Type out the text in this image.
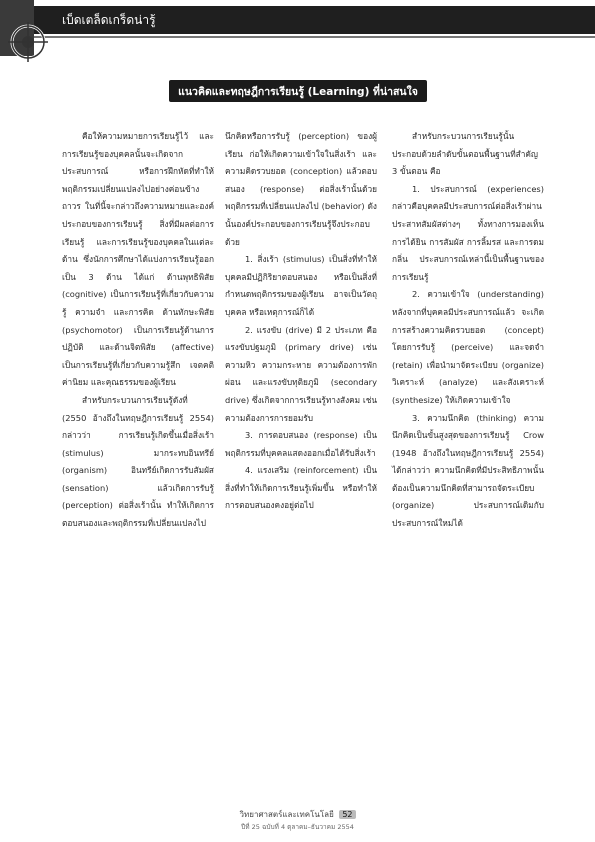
เบ็ดเตล็ดเกร็ดน่ารู้
แนวคิดและทฤษฎีการเรียนรู้ (Learning) ที่น่าสนใจ

คือให้ความหมายการเรียนรู้ไว้ และการเรียนรู้ของบุคคลนั้นจะเกิดจากประสบการณ์ หรือการฝึกหัดที่ทำให้พฤติกรรมเปลี่ยนแปลงไปอย่างค่อนข้างถาวร ในที่นี้จะกล่าวถึงความหมายและองค์ประกอบของการเรียนรู้ สิ่งที่มีผลต่อการเรียนรู้ และการเรียนรู้ของบุคคลในแต่ละด้าน ซึ่งนักการศึกษาได้แบ่งการเรียนรู้ออกเป็น 3 ด้าน ได้แก่ ด้านพุทธิพิสัย (cognitive) เป็นการเรียนรู้ที่เกี่ยวกับความรู้ ความจำ และการคิด ด้านทักษะพิสัย (psychomotor) เป็นการเรียนรู้ด้านการปฏิบัติ และด้านจิตพิสัย (affective) เป็นการเรียนรู้ที่เกี่ยวกับความรู้สึก เจตคติ ค่านิยม และคุณธรรมของผู้เรียน

สำหรับกระบวนการเรียนรู้ดังที่ (2550 อ้างถึงในทฤษฎีการเรียนรู้ 2554) กล่าวว่า การเรียนรู้เกิดขึ้นเมื่อสิ่งเร้า (stimulus) มากระทบอินทรีย์ (organism) อินทรีย์เกิดการรับสัมผัส (sensation) แล้วเกิดการรับรู้ (perception) ต่อสิ่งเร้านั้น ทำให้เกิดการตอบสนองและพฤติกรรมที่เปลี่ยนแปลงไป

นึกคิดหรือการรับรู้ (perception) ของผู้เรียน ก่อให้เกิดความเข้าใจในสิ่งเร้า และความคิดรวบยอด (conception) แล้วตอบสนอง (response) ต่อสิ่งเร้านั้นด้วยพฤติกรรมที่เปลี่ยนแปลงไป (behavior) ดังนั้นองค์ประกอบของการเรียนรู้จึงประกอบด้วย

1. สิ่งเร้า (stimulus) เป็นสิ่งที่ทำให้บุคคลมีปฏิกิริยาตอบสนอง หรือเป็นสิ่งที่กำหนดพฤติกรรมของผู้เรียน อาจเป็นวัตถุ บุคคล หรือเหตุการณ์ก็ได้

2. แรงขับ (drive) มี 2 ประเภท คือ แรงขับปฐมภูมิ (primary drive) เช่น ความหิว ความกระหาย ความต้องการพักผ่อน และแรงขับทุติยภูมิ (secondary drive) ซึ่งเกิดจากการเรียนรู้ทางสังคม เช่น ความต้องการการยอมรับ

3. การตอบสนอง (response) เป็นพฤติกรรมที่บุคคลแสดงออกเมื่อได้รับสิ่งเร้า

4. แรงเสริม (reinforcement) เป็นสิ่งที่ทำให้เกิดการเรียนรู้เพิ่มขึ้น หรือทำให้การตอบสนองคงอยู่ต่อไป

สำหรับกระบวนการเรียนรู้นั้น ประกอบด้วยลำดับขั้นตอนพื้นฐานที่สำคัญ 3 ขั้นตอน คือ

1. ประสบการณ์ (experiences) กล่าวคือบุคคลมีประสบการณ์ต่อสิ่งเร้าผ่านประสาทสัมผัสต่างๆ ทั้งทางการมองเห็น การได้ยิน การสัมผัส การลิ้มรส และการดมกลิ่น ประสบการณ์เหล่านี้เป็นพื้นฐานของการเรียนรู้

2. ความเข้าใจ (understanding) หลังจากที่บุคคลมีประสบการณ์แล้ว จะเกิดการสร้างความคิดรวบยอด (concept) โดยการรับรู้ (perceive) และจดจำ (retain) เพื่อนำมาจัดระเบียบ (organize) วิเคราะห์ (analyze) และสังเคราะห์ (synthesize) ให้เกิดความเข้าใจ

3. ความนึกคิด (thinking) ความนึกคิดเป็นขั้นสูงสุดของการเรียนรู้ Crow (1948 อ้างถึงในทฤษฎีการเรียนรู้ 2554) ได้กล่าวว่า ความนึกคิดที่มีประสิทธิภาพนั้นต้องเป็นความนึกคิดที่สามารถจัดระเบียบ (organize) ประสบการณ์เดิมกับประสบการณ์ใหม่ได้

วิทยาศาสตร์และเทคโนโลยี 52
ปีที่ 25 ฉบับที่ 4 ตุลาคม–ธันวาคม 2554
